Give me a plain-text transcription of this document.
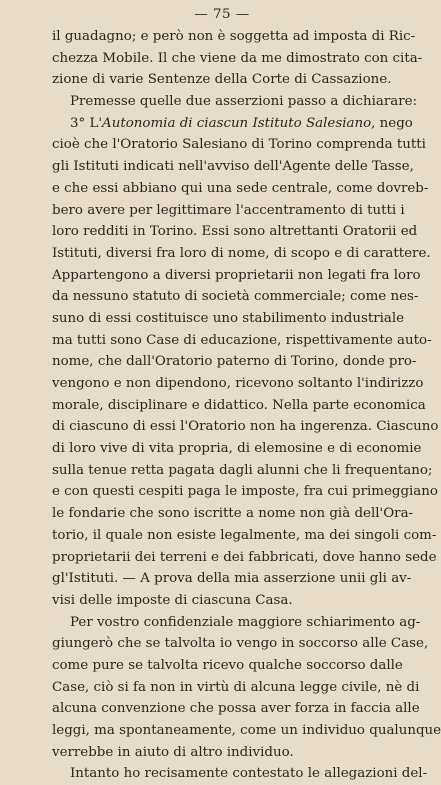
— 75 —
il guadagno; e però non è soggetta ad imposta di Ric-
chezza Mobile. Il che viene da me dimostrato con cita-
zione di varie Sentenze della Corte di Cassazione.
Premesse quelle due asserzioni passo a dichiarare:
3° L'Autonomia di ciascun Istituto Salesiano, nego
cioè che l'Oratorio Salesiano di Torino comprenda tutti
gli Istituti indicati nell'avviso dell'Agente delle Tasse,
e che essi abbiano qui una sede centrale, come dovreb-
bero avere per legittimare l'accentramento di tutti i
loro redditi in Torino. Essi sono altrettanti Oratorii ed
Istituti, diversi fra loro di nome, di scopo e di carattere.
Appartengono a diversi proprietarii non legati fra loro
da nessuno statuto di società commerciale; come nes-
suno di essi costituisce uno stabilimento industriale
ma tutti sono Case di educazione, rispettivamente auto-
nome, che dall'Oratorio paterno di Torino, donde pro-
vengono e non dipendono, ricevono soltanto l'indirizzo
morale, disciplinare e didattico. Nella parte economica
di ciascuno di essi l'Oratorio non ha ingerenza. Ciascuno
di loro vive di vita propria, di elemosine e di economie
sulla tenue retta pagata dagli alunni che li frequentano;
e con questi cespiti paga le imposte, fra cui primeggiano
le fondarie che sono iscritte a nome non già dell'Ora-
torio, il quale non esiste legalmente, ma dei singoli com-
proprietarii dei terreni e dei fabbricati, dove hanno sede
gl'Istituti. — A prova della mia asserzione unii gli av-
visi delle imposte di ciascuna Casa.
Per vostro confidenziale maggiore schiarimento ag-
giungerò che se talvolta io vengo in soccorso alle Case,
come pure se talvolta ricevo qualche soccorso dalle
Case, ciò si fa non in virtù di alcuna legge civile, nè di
alcuna convenzione che possa aver forza in faccia alle
leggi, ma spontaneamente, come un individuo qualunque
verrebbe in aiuto di altro individuo.
Intanto ho recisamente contestato le allegazioni del-
